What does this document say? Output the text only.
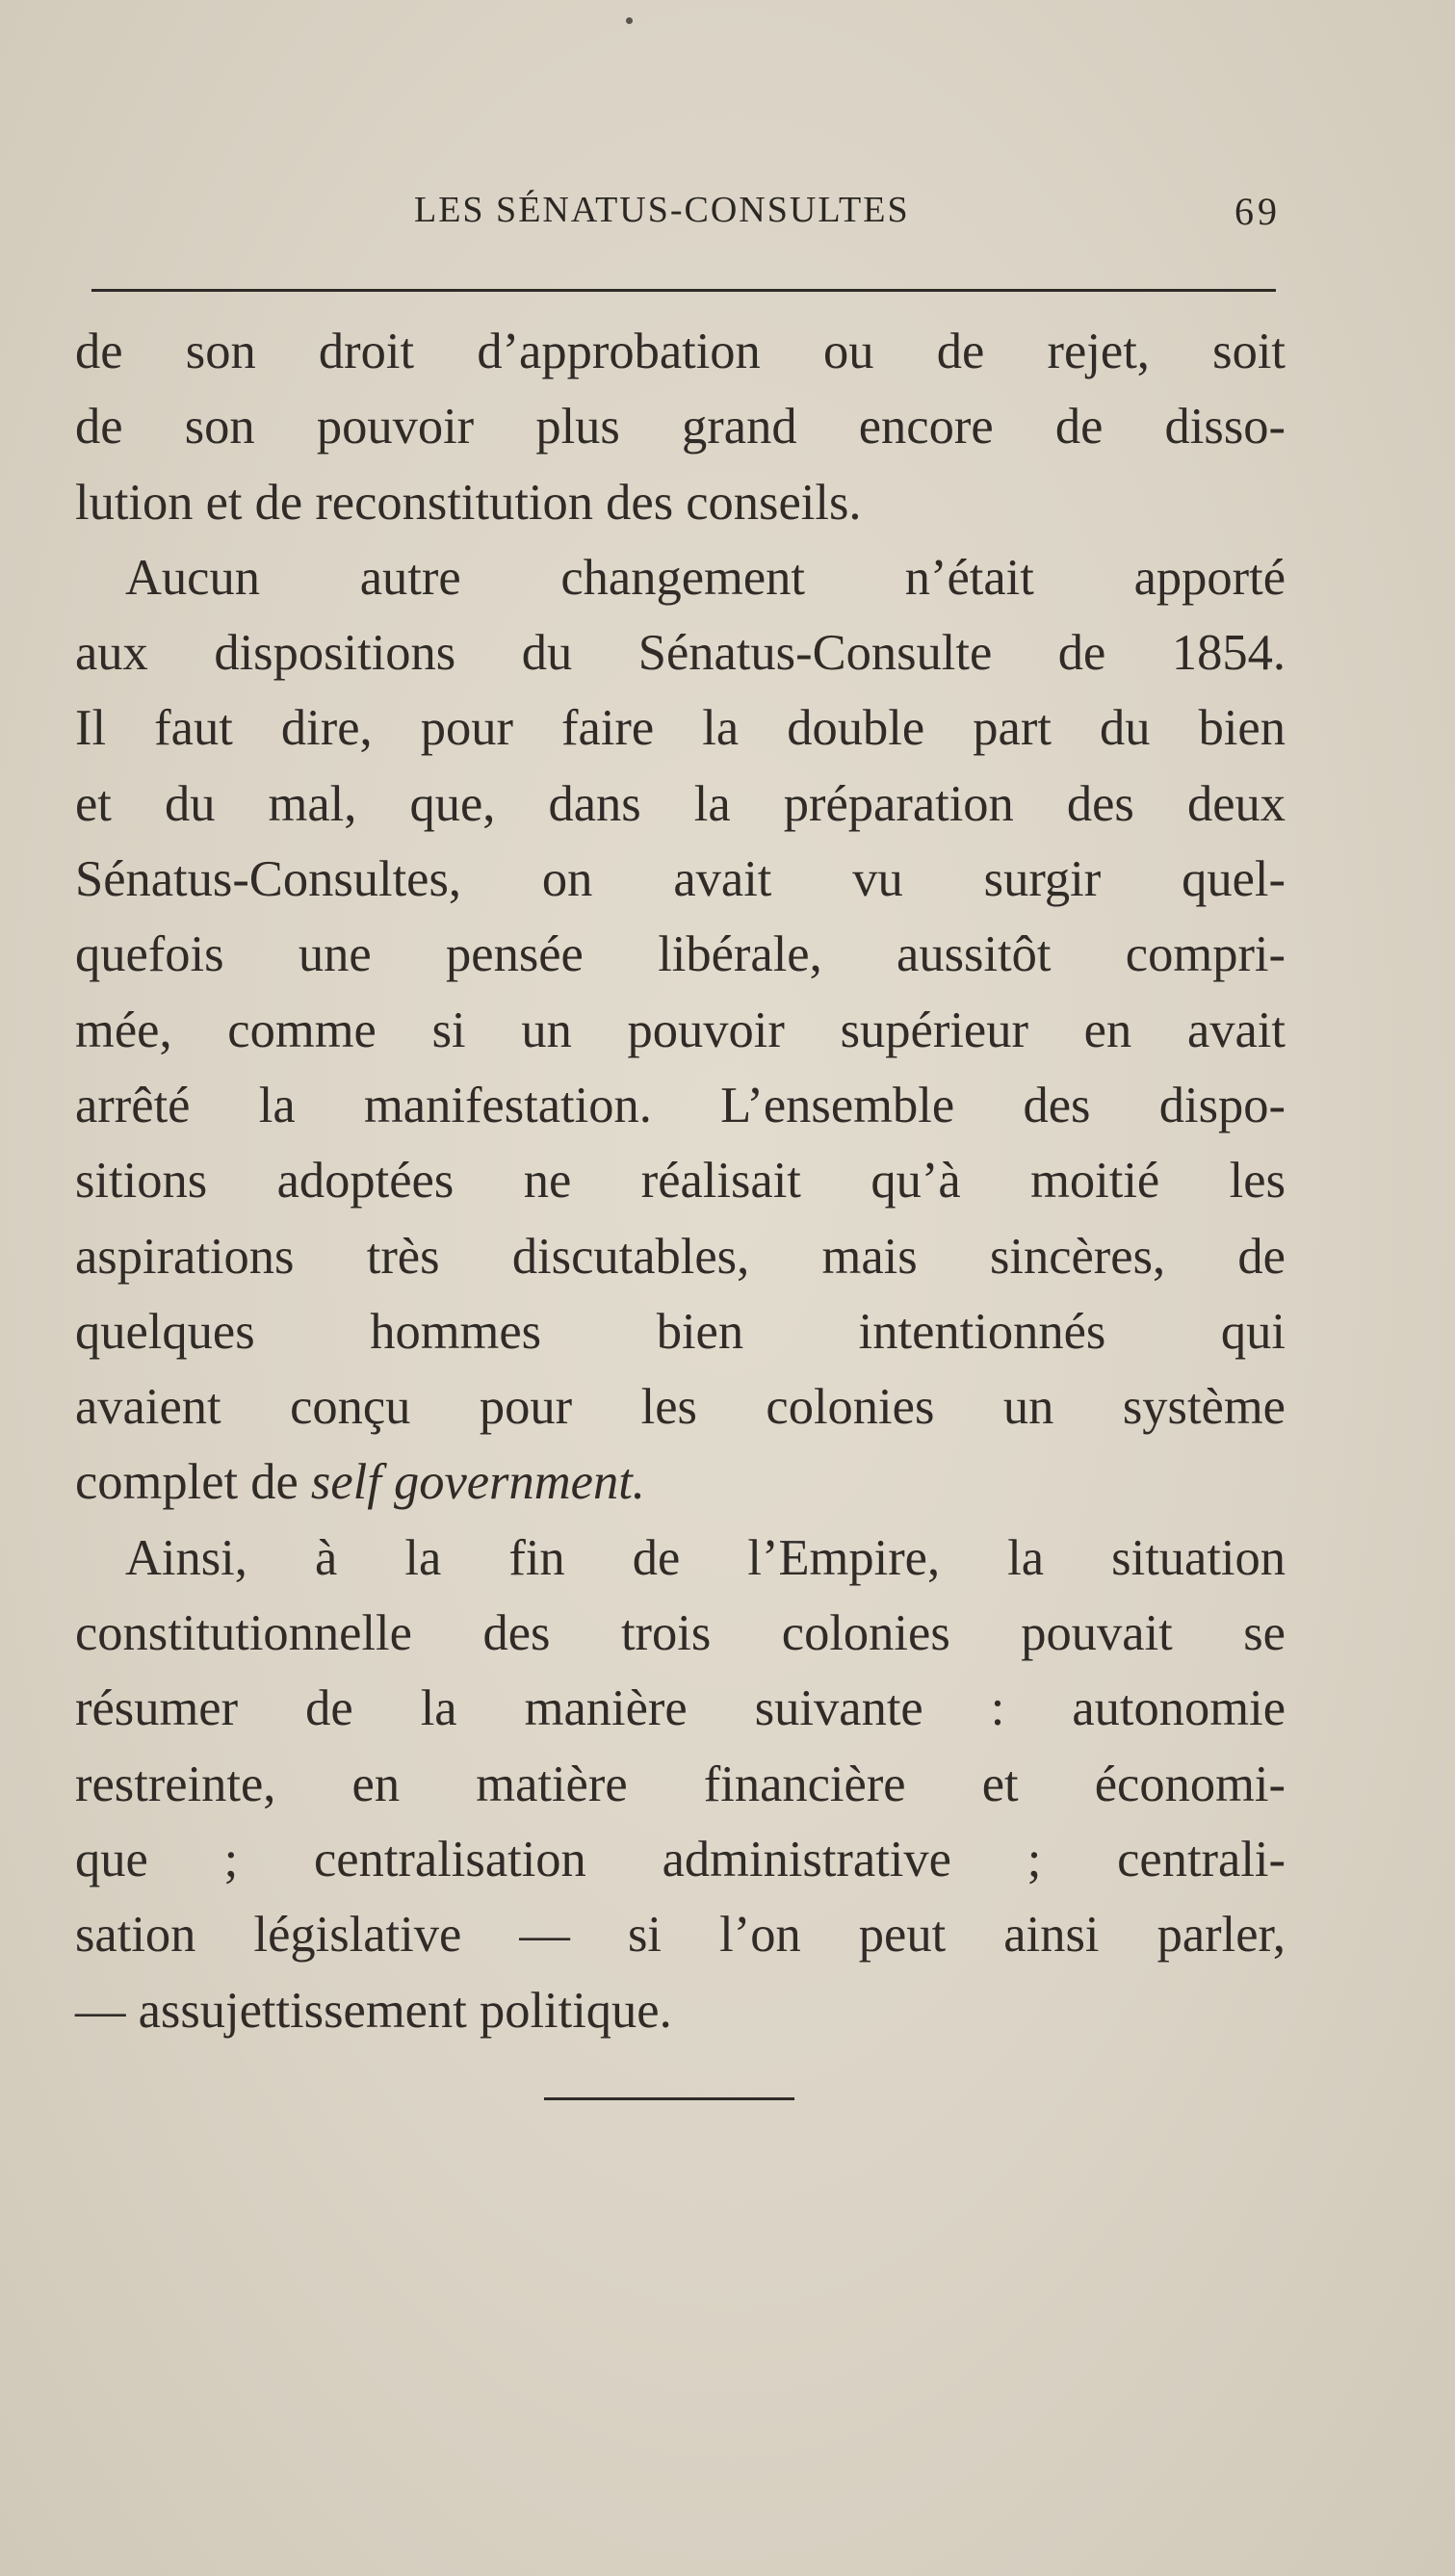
LES SÉNATUS-CONSULTES	69

de son droit d’approbation ou de rejet, soit
de son pouvoir plus grand encore de disso-
lution et de reconstitution des conseils.

Aucun autre changement n’était apporté
aux dispositions du Sénatus-Consulte de 1854.
Il faut dire, pour faire la double part du bien
et du mal, que, dans la préparation des deux
Sénatus-Consultes, on avait vu surgir quel-
quefois une pensée libérale, aussitôt compri-
mée, comme si un pouvoir supérieur en avait
arrêté la manifestation. L’ensemble des dispo-
sitions adoptées ne réalisait qu’à moitié les
aspirations très discutables, mais sincères, de
quelques hommes bien intentionnés qui
avaient conçu pour les colonies un système
complet de self government.

Ainsi, à la fin de l’Empire, la situation
constitutionnelle des trois colonies pouvait se
résumer de la manière suivante : autonomie
restreinte, en matière financière et économi-
que ; centralisation administrative ; centrali-
sation législative — si l’on peut ainsi parler,
— assujettissement politique.
